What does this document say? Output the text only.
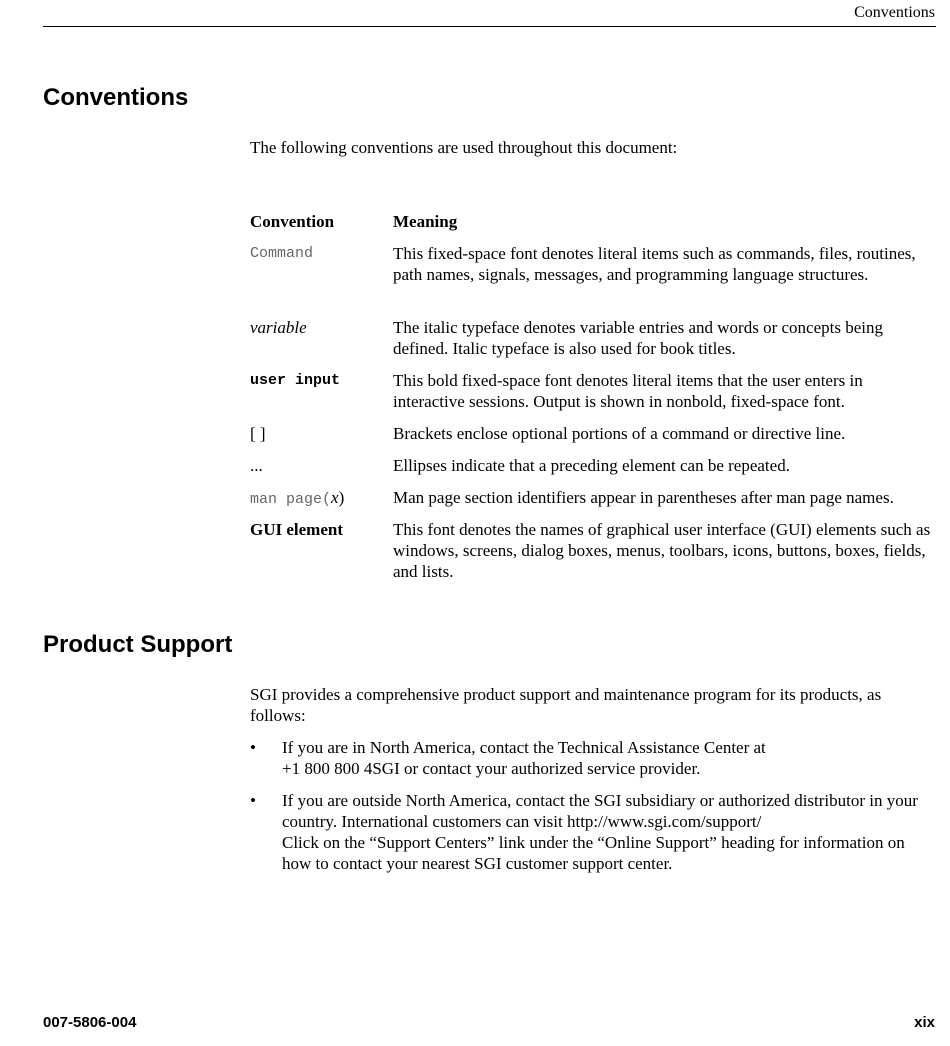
Conventions
Conventions

The following conventions are used throughout this document:

Convention	Meaning
Command	This fixed-space font denotes literal items such as commands, files, routines, path names, signals, messages, and programming language structures.
variable	The italic typeface denotes variable entries and words or concepts being defined. Italic typeface is also used for book titles.
user input	This bold fixed-space font denotes literal items that the user enters in interactive sessions. Output is shown in nonbold, fixed-space font.
[ ]	Brackets enclose optional portions of a command or directive line.
...	Ellipses indicate that a preceding element can be repeated.
man page(x)	Man page section identifiers appear in parentheses after man page names.
GUI element	This font denotes the names of graphical user interface (GUI) elements such as windows, screens, dialog boxes, menus, toolbars, icons, buttons, boxes, fields, and lists.
Product Support

SGI provides a comprehensive product support and maintenance program for its products, as follows:

• If you are in North America, contact the Technical Assistance Center at
+1 800 800 4SGI or contact your authorized service provider.
• If you are outside North America, contact the SGI subsidiary or authorized distributor in your country. International customers can visit http://www.sgi.com/support/
Click on the “Support Centers” link under the “Online Support” heading for information on how to contact your nearest SGI customer support center.
007-5806-004	xix
